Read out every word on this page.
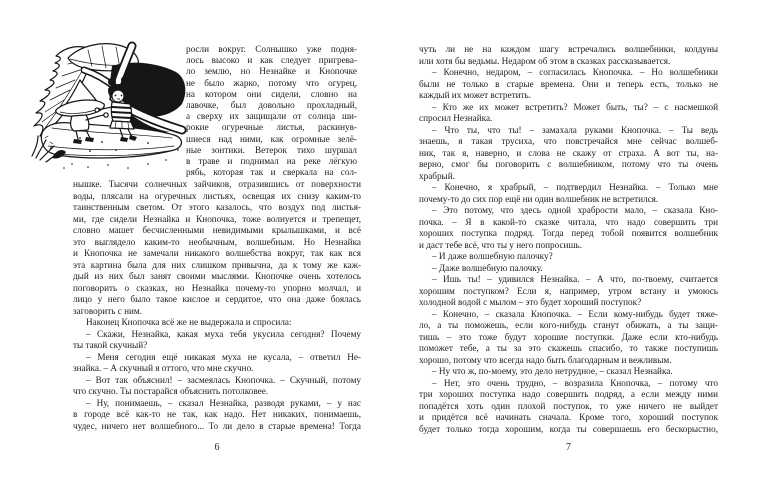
росли вокруг. Солнышко уже подня-
лось высоко и как следует пригрева-
ло землю, но Незнайке и Кнопочке
не было жарко, потому что огурец,
на котором они сидели, словно на
лавочке, был довольно прохладный,
а сверху их защищали от солнца ши-
рокие огуречные листья, раскинув-
шиеся над ними, как огромные зелё-
ные зонтики. Ветерок тихо шуршал
в траве и поднимал на реке лёгкую
рябь, которая так и сверкала на сол-
нышке. Тысячи солнечных зайчиков, отразившись от поверхности
воды, плясали на огуречных листьях, освещая их снизу каким-то
таинственным светом. От этого казалось, что воздух под листья-
ми, где сидели Незнайка и Кнопочка, тоже волнуется и трепещет,
словно машет бесчисленными невидимыми крылышками, и всё
это выглядело каким-то необычным, волшебным. Но Незнайка
и Кнопочка не замечали никакого волшебства вокруг, так как вся
эта картина была для них слишком привычна, да к тому же каж-
дый из них был занят своими мыслями. Кнопочке очень хотелось
поговорить о сказках, но Незнайка почему-то упорно молчал, и
лицо у него было такое кислое и сердитое, что она даже боялась
заговорить с ним.
Наконец Кнопочка всё же не выдержала и спросила:
– Скажи, Незнайка, какая муха тебя укусила сегодня? Почему
ты такой скучный?
– Меня сегодня ещё никакая муха не кусала, – ответил Не-
знайка. – А скучный я оттого, что мне скучно.
– Вот так объяснил! – засмеялась Кнопочка. – Скучный, потому
что скучно. Ты постарайся объяснить потолковее.
– Ну, понимаешь, – сказал Незнайка, разводя руками, – у нас
в городе всё как-то не так, как надо. Нет никаких, понимаешь,
чудес, ничего нет волшебного... То ли дело в старые времена! Тогда
чуть ли не на каждом шагу встречались волшебники, колдуны
или хотя бы ведьмы. Недаром об этом в сказках рассказывается.
– Конечно, недаром, – согласилась Кнопочка. – Но волшебники
были не только в старые времена. Они и теперь есть, только не
каждый их может встретить.
– Кто же их может встретить? Может быть, ты? – с насмешкой
спросил Незнайка.
– Что ты, что ты! – замахала руками Кнопочка. – Ты ведь
знаешь, я такая трусиха, что повстречайся мне сейчас волшеб-
ник, так я, наверно, и слова не скажу от страха. А вот ты, на-
верно, смог бы поговорить с волшебником, потому что ты очень
храбрый.
– Конечно, я храбрый, – подтвердил Незнайка. – Только мне
почему-то до сих пор ещё ни один волшебник не встретился.
– Это потому, что здесь одной храбрости мало, – сказала Кно-
почка. – Я в какой-то сказке читала, что надо совершить три
хороших поступка подряд. Тогда перед тобой появится волшебник
и даст тебе всё, что ты у него попросишь.
– И даже волшебную палочку?
– Даже волшебную палочку.
– Ишь ты! – удивился Незнайка. – А что, по-твоему, считается
хорошим поступком? Если я, например, утром встану и умоюсь
холодной водой с мылом – это будет хороший поступок?
– Конечно, – сказала Кнопочка. – Если кому-нибудь будет тяже-
ло, а ты поможешь, если кого-нибудь станут обижать, а ты защи-
тишь – это тоже будут хорошие поступки. Даже если кто-нибудь
поможет тебе, а ты за это скажешь спасибо, то также поступишь
хорошо, потому что всегда надо быть благодарным и вежливым.
– Ну что ж, по-моему, это дело нетрудное, – сказал Незнайка.
– Нет, это очень трудно, – возразила Кнопочка, – потому что
три хороших поступка надо совершить подряд, а если между ними
попадётся хоть один плохой поступок, то уже ничего не выйдет
и придётся всё начинать сначала. Кроме того, хороший поступок
будет только тогда хорошим, когда ты совершаешь его бескорыстно,
6	7
